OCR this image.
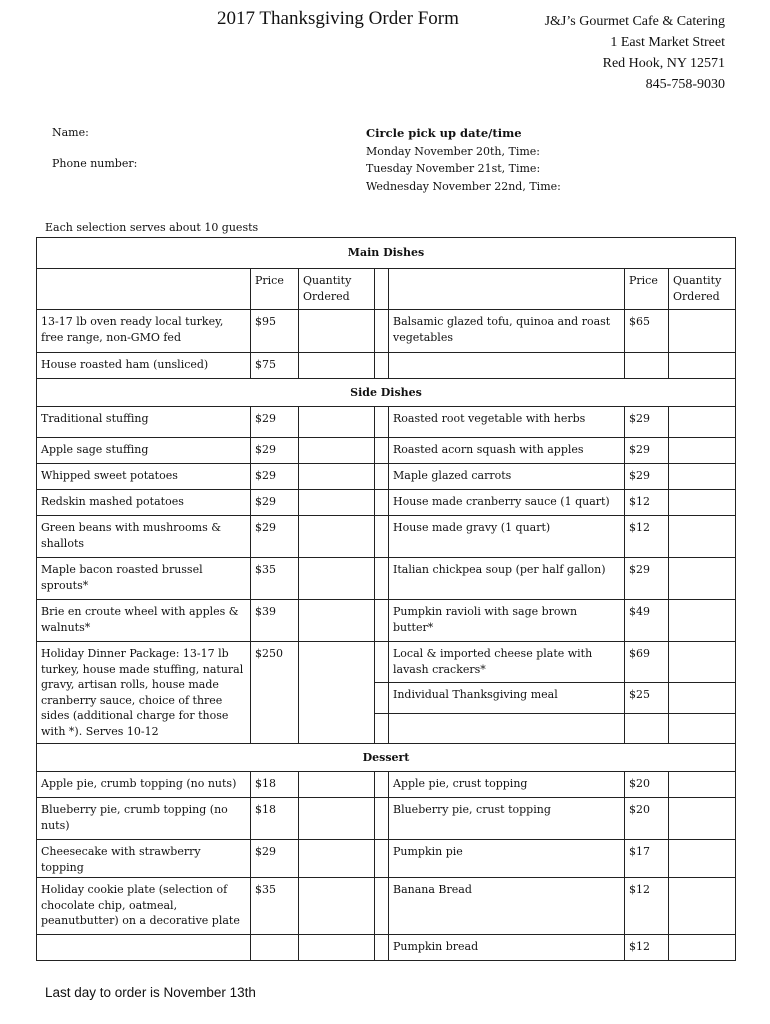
2017 Thanksgiving Order Form	J&J’s Gourmet Cafe & Catering
1 East Market Street
Red Hook, NY 12571
845-758-9030
Name:
Phone number:
Circle pick up date/time
Monday November 20th, Time:
Tuesday November 21st, Time:
Wednesday November 22nd, Time:
Each selection serves about 10 guests
Main Dishes						
	Price	Quantity Ordered			Price	Quantity Ordered
13-17 lb oven ready local turkey, free range, non-GMO fed	$95			Balsamic glazed tofu, quinoa and roast vegetables	$65	
House roasted ham (unsliced)	$75					
Side Dishes						
Traditional stuffing	$29			Roasted root vegetable with herbs	$29	
Apple sage stuffing	$29			Roasted acorn squash with apples	$29	
Whipped sweet potatoes	$29			Maple glazed carrots	$29	
Redskin mashed potatoes	$29			House made cranberry sauce (1 quart)	$12	
Green beans with mushrooms & shallots	$29			House made gravy (1 quart)	$12	
Maple bacon roasted brussel sprouts*	$35			Italian chickpea soup (per half gallon)	$29	
Brie en croute wheel with apples & walnuts*	$39			Pumpkin ravioli with sage brown butter*	$49	
Holiday Dinner Package: 13-17 lb turkey, house made stuffing, natural gravy, artisan rolls, house made cranberry sauce, choice of three sides (additional charge for those with *). Serves 10-12	$250			Local & imported cheese plate with lavash crackers*	$69	
				Individual Thanksgiving meal	$25	

Dessert						
Apple pie, crumb topping (no nuts)	$18			Apple pie, crust topping	$20	
Blueberry pie, crumb topping (no nuts)	$18			Blueberry pie, crust topping	$20	
Cheesecake with strawberry topping	$29			Pumpkin pie	$17	
Holiday cookie plate (selection of chocolate chip, oatmeal, peanutbutter) on a decorative plate	$35			Banana Bread	$12	
				Pumpkin bread	$12	
Last day to order is November 13th
